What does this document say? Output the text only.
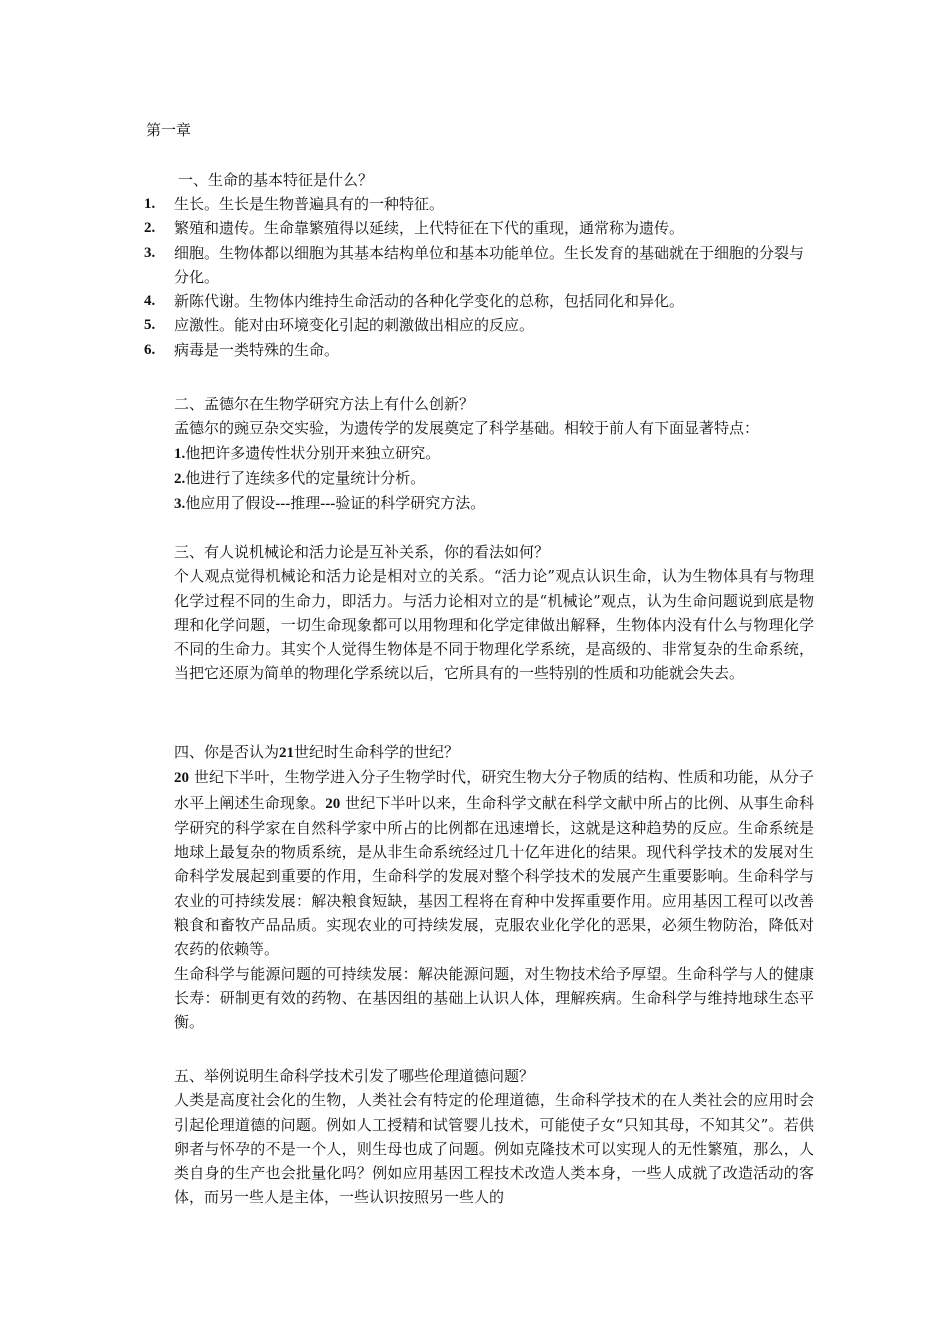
第一章
一、生命的基本特征是什么？
1. 生长。生长是生物普遍具有的一种特征。
2. 繁殖和遗传。生命靠繁殖得以延续，上代特征在下代的重现，通常称为遗传。
3. 细胞。生物体都以细胞为其基本结构单位和基本功能单位。生长发育的基础就在于细胞的分裂与分化。
4. 新陈代谢。生物体内维持生命活动的各种化学变化的总称，包括同化和异化。
5. 应激性。能对由环境变化引起的刺激做出相应的反应。
6. 病毒是一类特殊的生命。

二、孟德尔在生物学研究方法上有什么创新？

孟德尔的豌豆杂交实验，为遗传学的发展奠定了科学基础。相较于前人有下面显著特点：

1.他把许多遗传性状分别开来独立研究。

2.他进行了连续多代的定量统计分析。

3.他应用了假设---推理---验证的科学研究方法。

三、有人说机械论和活力论是互补关系，你的看法如何？

个人观点觉得机械论和活力论是相对立的关系。“活力论”观点认识生命，认为生物体具有与物理化学过程不同的生命力，即活力。与活力论相对立的是“机械论”观点，认为生命问题说到底是物理和化学问题，一切生命现象都可以用物理和化学定律做出解释，生物体内没有什么与物理化学不同的生命力。其实个人觉得生物体是不同于物理化学系统，是高级的、非常复杂的生命系统，当把它还原为简单的物理化学系统以后，它所具有的一些特别的性质和功能就会失去。

四、你是否认为21世纪时生命科学的世纪？

20 世纪下半叶，生物学进入分子生物学时代，研究生物大分子物质的结构、性质和功能，从分子水平上阐述生命现象。20 世纪下半叶以来，生命科学文献在科学文献中所占的比例、从事生命科学研究的科学家在自然科学家中所占的比例都在迅速增长，这就是这种趋势的反应。生命系统是地球上最复杂的物质系统，是从非生命系统经过几十亿年进化的结果。现代科学技术的发展对生命科学发展起到重要的作用，生命科学的发展对整个科学技术的发展产生重要影响。生命科学与农业的可持续发展：解决粮食短缺，基因工程将在育种中发挥重要作用。应用基因工程可以改善粮食和畜牧产品品质。实现农业的可持续发展，克服农业化学化的恶果，必须生物防治，降低对农药的依赖等。

生命科学与能源问题的可持续发展：解决能源问题，对生物技术给予厚望。生命科学与人的健康长寿：研制更有效的药物、在基因组的基础上认识人体，理解疾病。生命科学与维持地球生态平衡。

五、举例说明生命科学技术引发了哪些伦理道德问题？

人类是高度社会化的生物，人类社会有特定的伦理道德，生命科学技术的在人类社会的应用时会引起伦理道德的问题。例如人工授精和试管婴儿技术，可能使子女“只知其母，不知其父”。若供卵者与怀孕的不是一个人，则生母也成了问题。例如克隆技术可以实现人的无性繁殖，那么，人类自身的生产也会批量化吗？例如应用基因工程技术改造人类本身，一些人成就了改造活动的客体，而另一些人是主体，一些认识按照另一些人的
